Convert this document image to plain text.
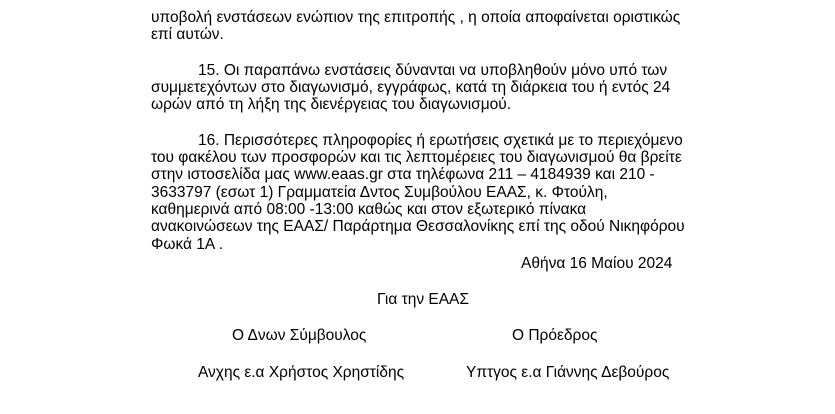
υποβολή ενστάσεων ενώπιον της επιτροπής , η οποία αποφαίνεται οριστικώς
επί αυτών.
15. Οι παραπάνω ενστάσεις δύνανται να υποβληθούν μόνο υπό των
συμμετεχόντων στο διαγωνισμό, εγγράφως, κατά τη διάρκεια του ή εντός 24
ωρών από τη λήξη της διενέργειας του διαγωνισμού.
16. Περισσότερες πληροφορίες ή ερωτήσεις σχετικά με το περιεχόμενο
του φακέλου των προσφορών και τις λεπτομέρειες του διαγωνισμού θα βρείτε
στην ιστοσελίδα μας www.eaas.gr στα τηλέφωνα 211 – 4184939 και 210 -
3633797 (εσωτ 1) Γραμματεία Δντος Συμβούλου ΕΑΑΣ, κ. Φτούλη,
καθημερινά από 08:00 -13:00 καθώς και στον εξωτερικό πίνακα
ανακοινώσεων της ΕΑΑΣ/ Παράρτημα Θεσσαλονίκης επί της οδού Νικηφόρου
Φωκά 1Α .
Αθήνα 16 Μαίου 2024
Για την ΕΑΑΣ
Ο Δνων Σύμβουλος	Ο Πρόεδρος
Ανχης ε.α Χρήστος Χρηστίδης	Υπτγος ε.α Γιάννης Δεβούρος
